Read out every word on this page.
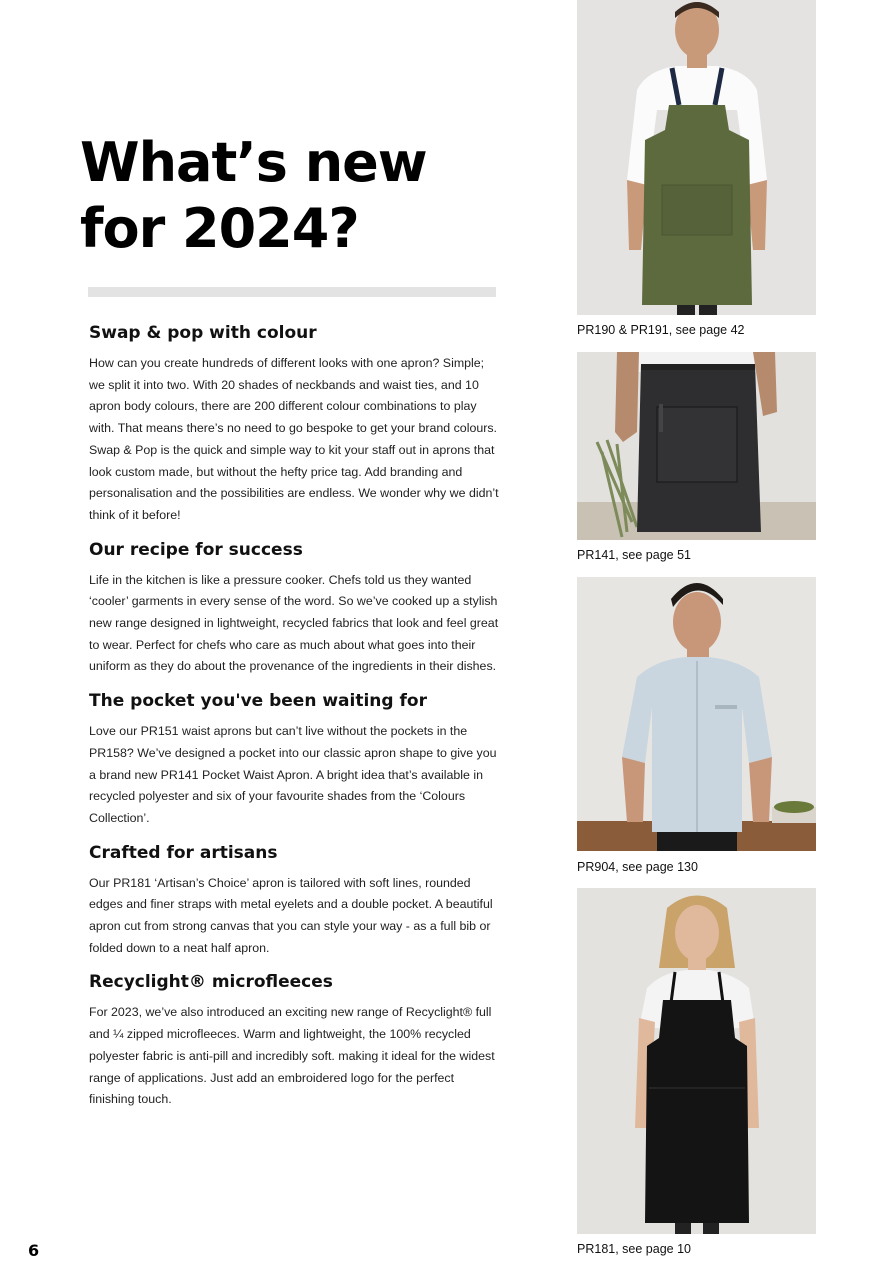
What’s new
for 2024?
Swap & pop with colour

How can you create hundreds of different looks with one apron? Simple; we split it into two. With 20 shades of neckbands and waist ties, and 10 apron body colours, there are 200 different colour combinations to play with. That means there’s no need to go bespoke to get your brand colours. Swap & Pop is the quick and simple way to kit your staff out in aprons that look custom made, but without the hefty price tag. Add branding and personalisation and the possibilities are endless. We wonder why we didn’t think of it before!

Our recipe for success

Life in the kitchen is like a pressure cooker. Chefs told us they wanted ‘cooler’ garments in every sense of the word. So we’ve cooked up a stylish new range designed in lightweight, recycled fabrics that look and feel great to wear. Perfect for chefs who care as much about what goes into their uniform as they do about the provenance of the ingredients in their dishes.

The pocket you've been waiting for

Love our PR151 waist aprons but can’t live without the pockets in the PR158? We’ve designed a pocket into our classic apron shape to give you a brand new PR141 Pocket Waist Apron. A bright idea that’s available in recycled polyester and six of your favourite shades from the ‘Colours Collection’.

Crafted for artisans

Our PR181 ‘Artisan’s Choice’ apron is tailored with soft lines, rounded edges and finer straps with metal eyelets and a double pocket. A beautiful apron cut from strong canvas that you can style your way - as a full bib or folded down to a neat half apron.

Recyclight® microfleeces

For 2023, we’ve also introduced an exciting new range of Recyclight® full and ¼ zipped microfleeces. Warm and lightweight, the 100% recycled polyester fabric is anti-pill and incredibly soft. making it ideal for the widest range of applications. Just add an embroidered logo for the perfect finishing touch.

PR190 & PR191, see page 42
PR141, see page 51
PR904, see page 130
PR181, see page 10
6
